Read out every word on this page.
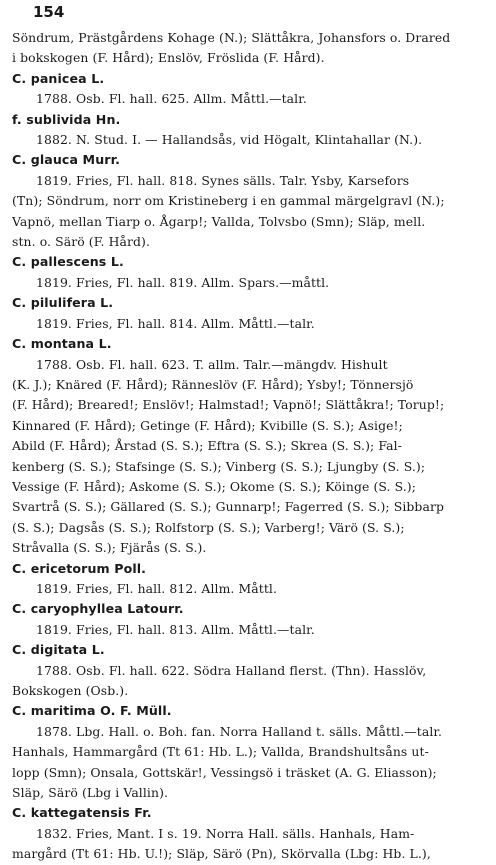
154
Söndrum, Prästgårdens Kohage (N.); Slättåkra, Johansfors o. Drared
i bokskogen (F. Hård); Enslöv, Fröslida (F. Hård).
C. panicea L.
1788. Osb. Fl. hall. 625. Allm. Måttl.—talr.
f. sublivida Hn.
1882. N. Stud. I. — Hallandsås, vid Högalt, Klintahallar (N.).
C. glauca Murr.
1819. Fries, Fl. hall. 818. Synes sälls. Talr. Ysby, Karsefors
(Tn); Söndrum, norr om Kristineberg i en gammal märgelgravl (N.);
Vapnö, mellan Tiarp o. Ågarp!; Vallda, Tolvsbo (Smn); Släp, mell.
stn. o. Särö (F. Hård).
C. pallescens L.
1819. Fries, Fl. hall. 819. Allm. Spars.—måttl.
C. pilulifera L.
1819. Fries, Fl. hall. 814. Allm. Måttl.—talr.
C. montana L.
1788. Osb. Fl. hall. 623. T. allm. Talr.—mängdv. Hishult
(K. J.); Knäred (F. Hård); Ränneslöv (F. Hård); Ysby!; Tönnersjö
(F. Hård); Breared!; Enslöv!; Halmstad!; Vapnö!; Slättåkra!; Torup!;
Kinnared (F. Hård); Getinge (F. Hård); Kvibille (S. S.); Asige!;
Abild (F. Hård); Årstad (S. S.); Eftra (S. S.); Skrea (S. S.); Fal-
kenberg (S. S.); Stafsinge (S. S.); Vinberg (S. S.); Ljungby (S. S.);
Vessige (F. Hård); Askome (S. S.); Okome (S. S.); Köinge (S. S.);
Svartrå (S. S.); Gällared (S. S.); Gunnarp!; Fagerred (S. S.); Sibbarp
(S. S.); Dagsås (S. S.); Rolfstorp (S. S.); Varberg!; Värö (S. S.);
Stråvalla (S. S.); Fjärås (S. S.).
C. ericetorum Poll.
1819. Fries, Fl. hall. 812. Allm. Måttl.
C. caryophyllea Latourr.
1819. Fries, Fl. hall. 813. Allm. Måttl.—talr.
C. digitata L.
1788. Osb. Fl. hall. 622. Södra Halland flerst. (Thn). Hasslöv,
Bokskogen (Osb.).
C. maritima O. F. Müll.
1878. Lbg. Hall. o. Boh. fan. Norra Halland t. sälls. Måttl.—talr.
Hanhals, Hammargård (Tt 61: Hb. L.); Vallda, Brandshultsåns ut-
lopp (Smn); Onsala, Gottskär!, Vessingsö i träsket (A. G. Eliasson);
Släp, Särö (Lbg i Vallin).
C. kattegatensis Fr.
1832. Fries, Mant. I s. 19. Norra Hall. sälls. Hanhals, Ham-
margård (Tt 61: Hb. U.!); Släp, Särö (Pn), Skörvalla (Lbg: Hb. L.),
